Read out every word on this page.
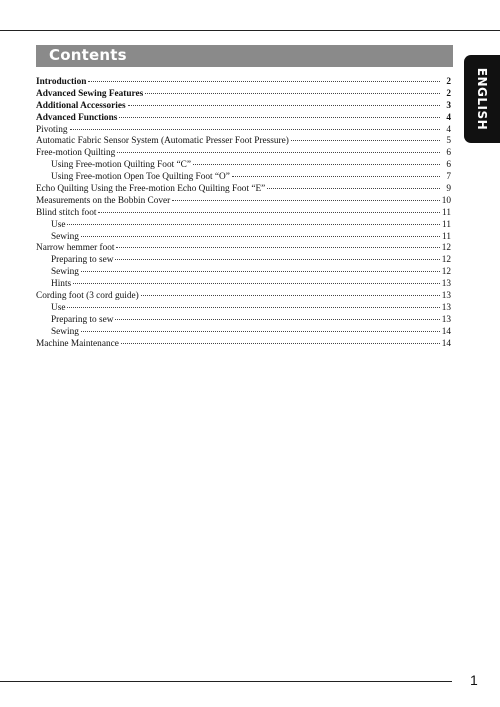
Contents
ENGLISH
Introduction	2
Advanced Sewing Features	2
Additional Accessories	3
Advanced Functions	4
Pivoting	4
Automatic Fabric Sensor System (Automatic Presser Foot Pressure)	5
Free-motion Quilting	6
Using Free-motion Quilting Foot “C”	6
Using Free-motion Open Toe Quilting Foot “O”	7
Echo Quilting Using the Free-motion Echo Quilting Foot “E”	9
Measurements on the Bobbin Cover	10
Blind stitch foot	11
Use	11
Sewing	11
Narrow hemmer foot	12
Preparing to sew	12
Sewing	12
Hints	13
Cording foot (3 cord guide)	13
Use	13
Preparing to sew	13
Sewing	14
Machine Maintenance	14
1
